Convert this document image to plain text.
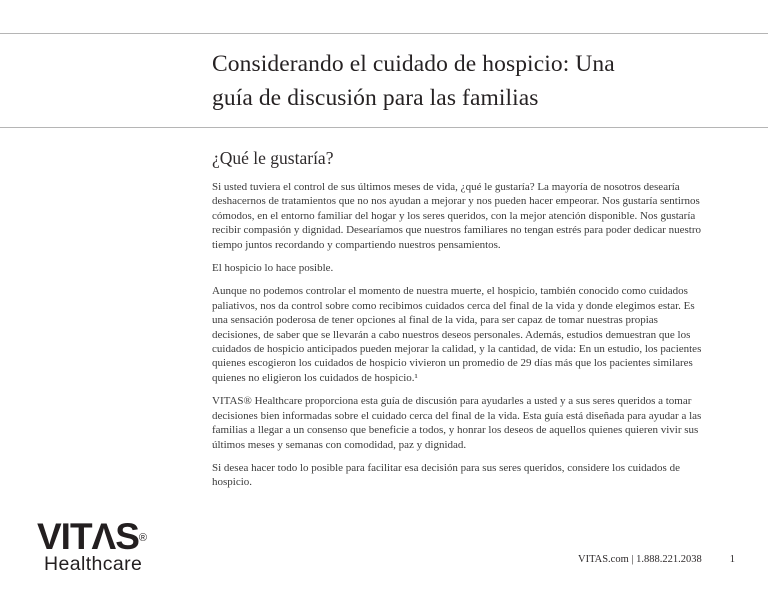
Considerando el cuidado de hospicio: Una
guía de discusión para las familias
¿Qué le gustaría?

Si usted tuviera el control de sus últimos meses de vida, ¿qué le gustaría? La mayoría de nosotros desearía deshacernos de tratamientos que no nos ayudan a mejorar y nos pueden hacer empeorar. Nos gustaría sentirnos cómodos, en el entorno familiar del hogar y los seres queridos, con la mejor atención disponible. Nos gustaría recibir compasión y dignidad. Desearíamos que nuestros familiares no tengan estrés para poder dedicar nuestro tiempo juntos recordando y compartiendo nuestros pensamientos.

El hospicio lo hace posible.

Aunque no podemos controlar el momento de nuestra muerte, el hospicio, también conocido como cuidados paliativos, nos da control sobre como recibimos cuidados cerca del final de la vida y donde elegimos estar. Es una sensación poderosa de tener opciones al final de la vida, para ser capaz de tomar nuestras propias decisiones, de saber que se llevarán a cabo nuestros deseos personales. Además, estudios demuestran que los cuidados de hospicio anticipados pueden mejorar la calidad, y la cantidad, de vida: En un estudio, los pacientes quienes escogieron los cuidados de hospicio vivieron un promedio de 29 días más que los pacientes similares quienes no eligieron los cuidados de hospicio.¹

VITAS® Healthcare proporciona esta guía de discusión para ayudarles a usted y a sus seres queridos a tomar decisiones bien informadas sobre el cuidado cerca del final de la vida. Esta guía está diseñada para ayudar a las familias a llegar a un consenso que beneficie a todos, y honrar los deseos de aquellos quienes quieren vivir sus últimos meses y semanas con comodidad, paz y dignidad.

Si desea hacer todo lo posible para facilitar esa decisión para sus seres queridos, considere los cuidados de hospicio.

VITΛS®
Healthcare	VITAS.com | 1.888.221.2038	1
